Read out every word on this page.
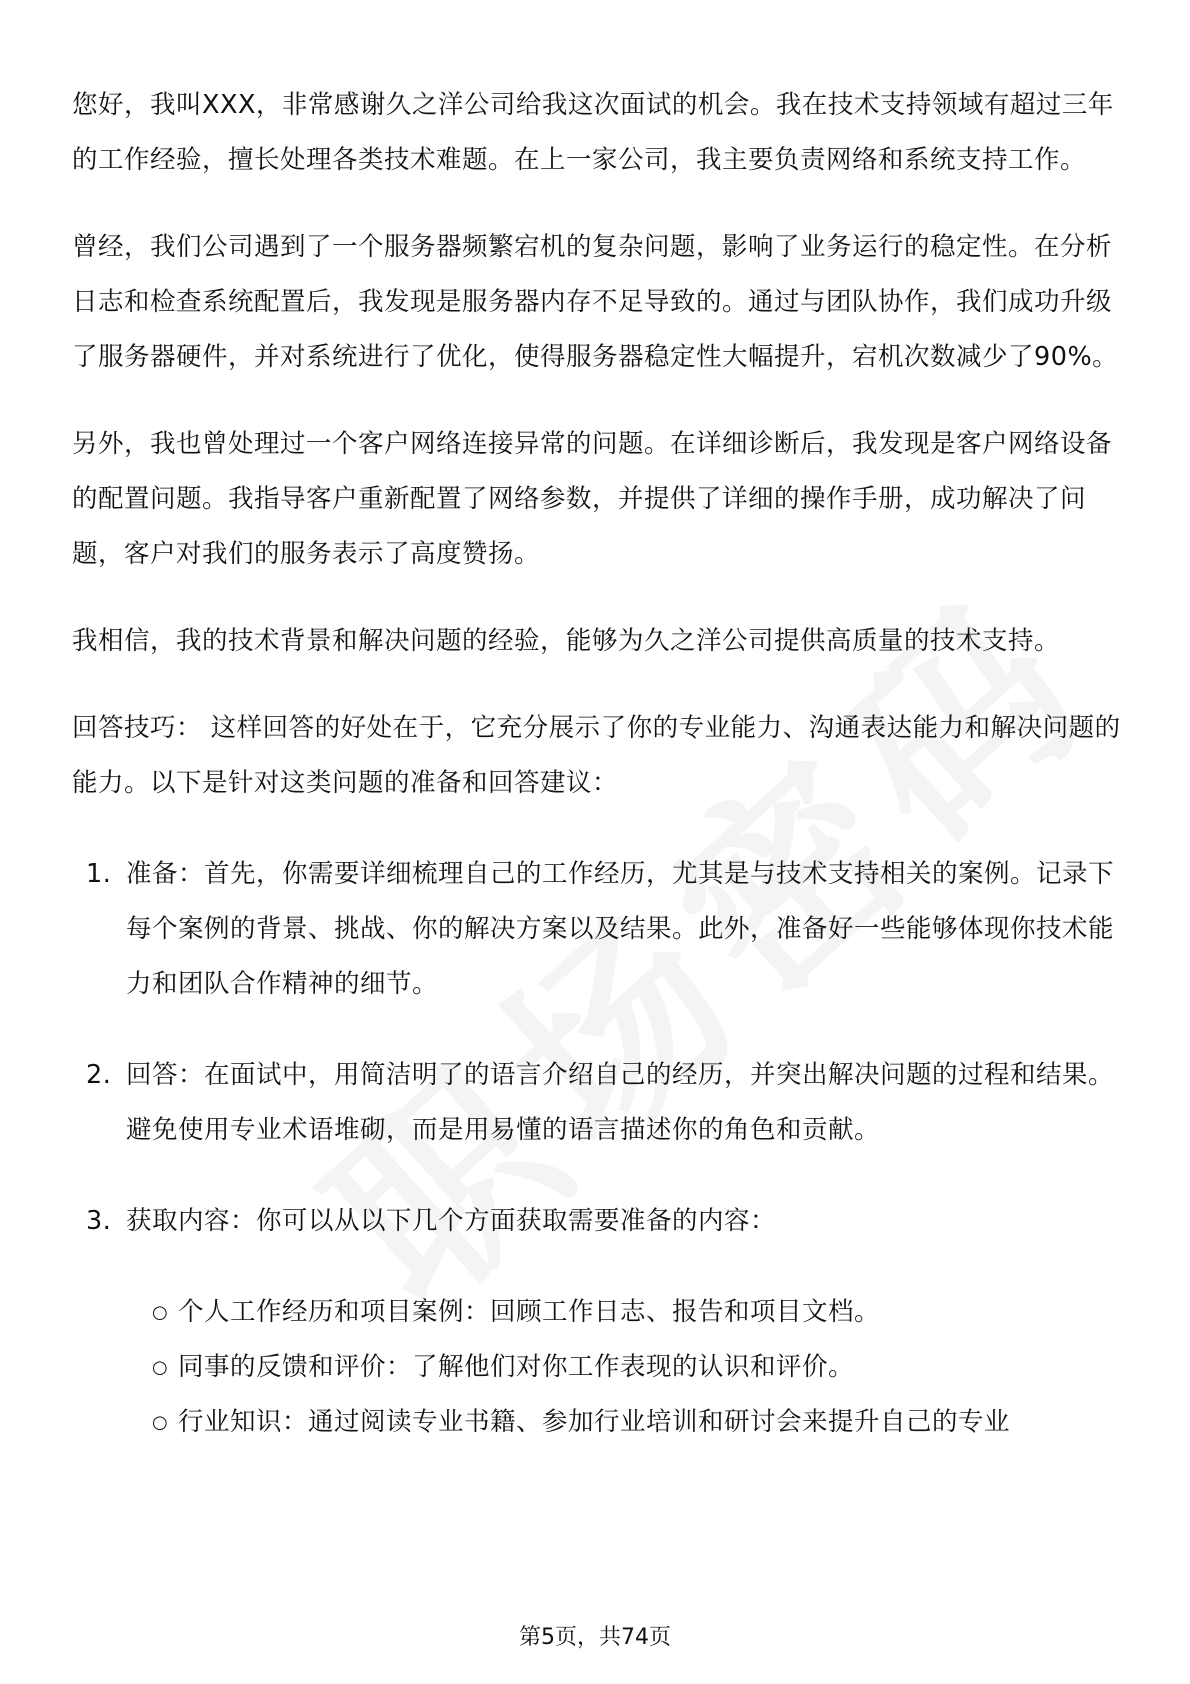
您好，我叫XXX，非常感谢久之洋公司给我这次面试的机会。我在技术支持领域有超过三年的工作经验，擅长处理各类技术难题。在上一家公司，我主要负责网络和系统支持工作。

曾经，我们公司遇到了一个服务器频繁宕机的复杂问题，影响了业务运行的稳定性。在分析日志和检查系统配置后，我发现是服务器内存不足导致的。通过与团队协作，我们成功升级了服务器硬件，并对系统进行了优化，使得服务器稳定性大幅提升，宕机次数减少了90%。

另外，我也曾处理过一个客户网络连接异常的问题。在详细诊断后，我发现是客户网络设备的配置问题。我指导客户重新配置了网络参数，并提供了详细的操作手册，成功解决了问题，客户对我们的服务表示了高度赞扬。

我相信，我的技术背景和解决问题的经验，能够为久之洋公司提供高质量的技术支持。

回答技巧： 这样回答的好处在于，它充分展示了你的专业能力、沟通表达能力和解决问题的能力。以下是针对这类问题的准备和回答建议：

1. 准备：首先，你需要详细梳理自己的工作经历，尤其是与技术支持相关的案例。记录下每个案例的背景、挑战、你的解决方案以及结果。此外，准备好一些能够体现你技术能力和团队合作精神的细节。
2. 回答：在面试中，用简洁明了的语言介绍自己的经历，并突出解决问题的过程和结果。避免使用专业术语堆砌，而是用易懂的语言描述你的角色和贡献。
3. 获取内容：你可以从以下几个方面获取需要准备的内容：
○ 个人工作经历和项目案例：回顾工作日志、报告和项目文档。
○ 同事的反馈和评价：了解他们对你工作表现的认识和评价。
○ 行业知识：通过阅读专业书籍、参加行业培训和研讨会来提升自己的专业
第5页，共74页
